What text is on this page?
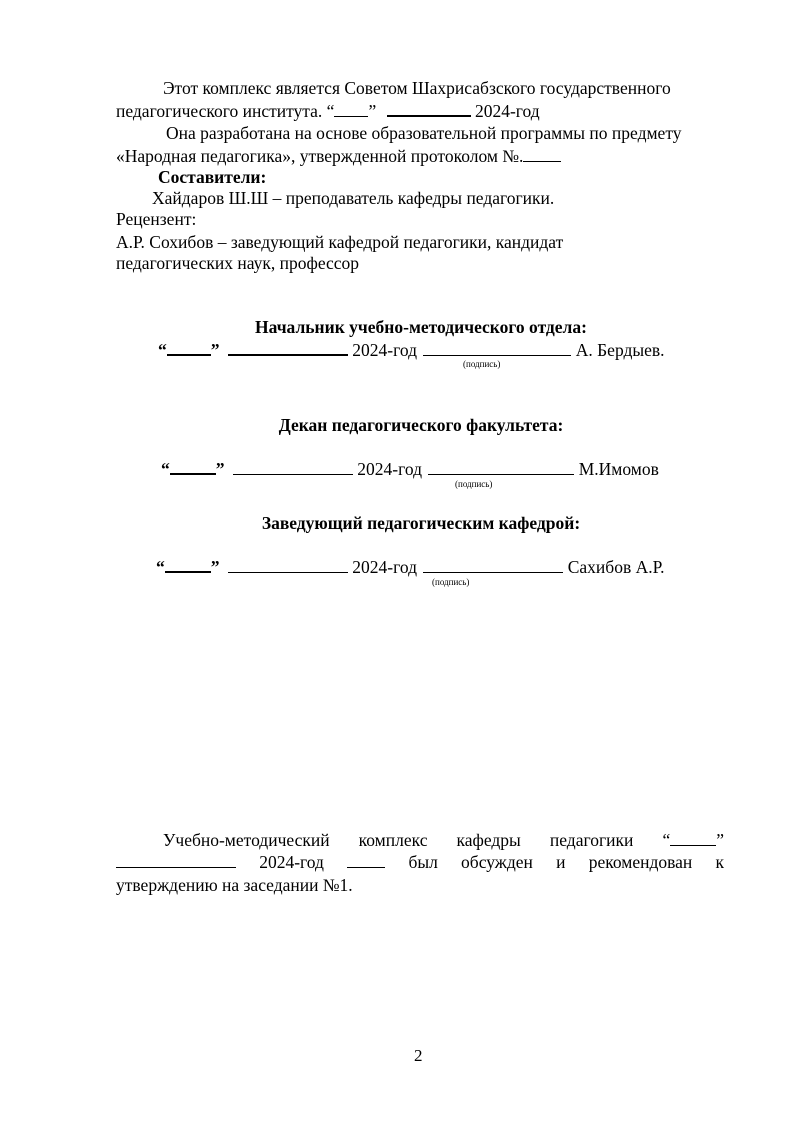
Этот комплекс является Советом Шахрисабзского государственного
педагогического института. “ ”	2024-год
Она разработана на основе образовательной программы по предмету
«Народная педагогика», утвержденной протоколом №.
Составители:
Хайдаров Ш.Ш – преподаватель кафедры педагогики.
Рецензент:
А.Р. Сохибов – заведующий кафедрой педагогики, кандидат
педагогических наук, профессор
Начальник учебно-методического отдела:
“	”	2024-год	А. Бердыев.
(подпись)
Декан педагогического факультета:
“	”	2024-год	М.Имомов
(подпись)
Заведующий педагогическим кафедрой:
“	”	2024-год	Сахибов А.Р.
(подпись)
Учебно-методический комплекс кафедры педагогики “	”
2024-год	был обсужден и рекомендован к
утверждению на заседании №1.
2
